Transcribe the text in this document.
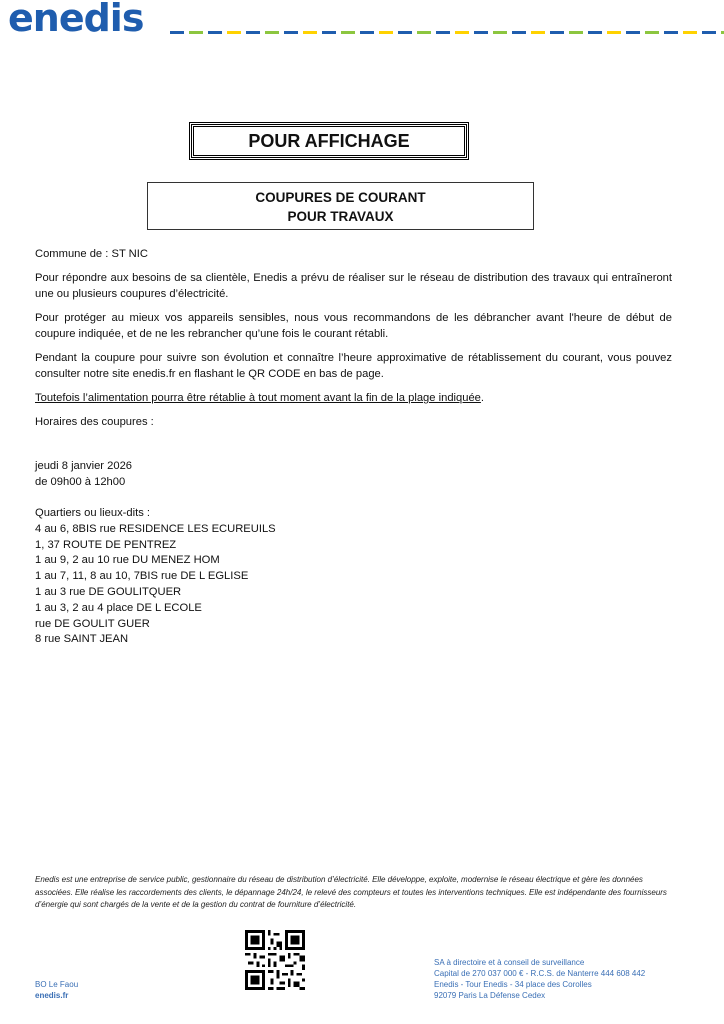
enedis
POUR AFFICHAGE
COUPURES DE COURANT
POUR TRAVAUX

Commune de : ST NIC

Pour répondre aux besoins de sa clientèle, Enedis a prévu de réaliser sur le réseau de distribution des travaux qui entraîneront une ou plusieurs coupures d’électricité.

Pour protéger au mieux vos appareils sensibles, nous vous recommandons de les débrancher avant l'heure de début de coupure indiquée, et de ne les rebrancher qu’une fois le courant rétabli.

Pendant la coupure pour suivre son évolution et connaître l’heure approximative de rétablissement du courant, vous pouvez consulter notre site enedis.fr en flashant le QR CODE en bas de page.

Toutefois l’alimentation pourra être rétablie à tout moment avant la fin de la plage indiquée.

Horaires des coupures :

jeudi 8 janvier 2026
de 09h00 à 12h00
Quartiers ou lieux-dits :
4 au 6, 8BIS rue RESIDENCE LES ECUREUILS
1, 37 ROUTE DE PENTREZ
1 au 9, 2 au 10 rue DU MENEZ HOM
1 au 7, 11, 8 au 10, 7BIS rue DE L EGLISE
1 au 3 rue DE GOULITQUER
1 au 3, 2 au 4 place DE L ECOLE
rue DE GOULIT GUER
8 rue SAINT JEAN
Enedis est une entreprise de service public, gestionnaire du réseau de distribution d’électricité. Elle développe, exploite, modernise le réseau électrique et gère les données associées. Elle réalise les raccordements des clients, le dépannage 24h/24, le relevé des compteurs et toutes les interventions techniques. Elle est indépendante des fournisseurs d’énergie qui sont chargés de la vente et de la gestion du contrat de fourniture d’électricité.
BO Le Faou
enedis.fr
SA à directoire et à conseil de surveillance
Capital de 270 037 000 € - R.C.S. de Nanterre 444 608 442
Enedis - Tour Enedis - 34 place des Corolles
92079 Paris La Défense Cedex
